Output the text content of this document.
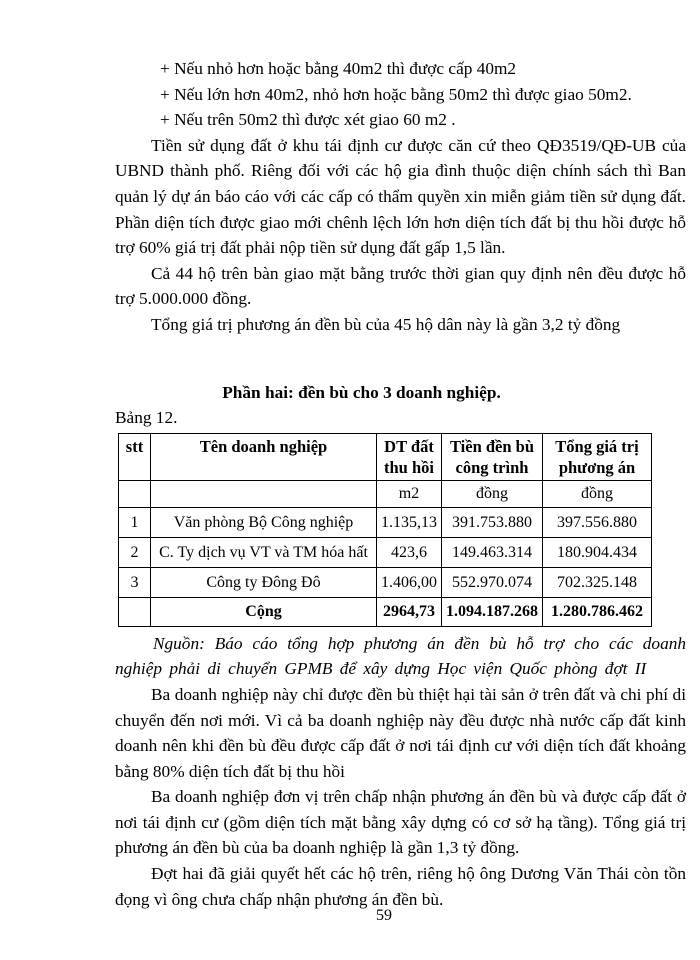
+ Nếu nhỏ hơn hoặc bằng 40m2 thì được cấp 40m2

+ Nếu lớn hơn 40m2, nhỏ hơn hoặc bằng 50m2 thì được giao 50m2.

+ Nếu trên 50m2 thì được xét giao 60 m2 .

Tiền sử dụng đất ở khu tái định cư được căn cứ theo QĐ3519/QĐ-UB của UBND thành phố. Riêng đối với các hộ gia đình thuộc diện chính sách thì Ban quản lý dự án báo cáo với các cấp có thẩm quyền xin miễn giảm tiền sử dụng đất. Phần diện tích được giao mới chênh lệch lớn hơn diện tích đất bị thu hồi được hỗ trợ 60% giá trị đất phải nộp tiền sử dụng đất gấp 1,5 lần.

Cả 44 hộ trên bàn giao mặt bằng trước thời gian quy định nên đều được hỗ trợ 5.000.000 đồng.

Tổng giá trị phương án đền bù của 45 hộ dân này là gần 3,2 tỷ đồng

Phần hai: đền bù cho 3 doanh nghiệp.

Bảng 12.

stt	Tên doanh nghiệp	DT đất thu hồi	Tiền đền bù công trình	Tổng giá trị phương án
		m2	đồng	đồng
1	Văn phòng Bộ Công nghiệp	1.135,13	391.753.880	397.556.880
2	C. Ty dịch vụ VT và TM hóa hất	423,6	149.463.314	180.904.434
3	Công ty Đông Đô	1.406,00	552.970.074	702.325.148
	Cộng	2964,73	1.094.187.268	1.280.786.462

Nguồn: Báo cáo tổng hợp phương án đền bù hỗ trợ cho các doanh nghiệp phải di chuyển GPMB để xây dựng Học viện Quốc phòng đợt II

Ba doanh nghiệp này chỉ được đền bù thiệt hại tài sản ở trên đất và chi phí di chuyển đến nơi mới. Vì cả ba doanh nghiệp này đều được nhà nước cấp đất kinh doanh nên khi đền bù đều được cấp đất ở nơi tái định cư với diện tích đất khoảng bằng 80% diện tích đất bị thu hồi

Ba doanh nghiệp đơn vị trên chấp nhận phương án đền bù và được cấp đất ở nơi tái định cư (gồm diện tích mặt bằng xây dựng có cơ sở hạ tầng). Tổng giá trị phương án đền bù của ba doanh nghiệp là gần 1,3 tỷ đồng.

Đợt hai đã giải quyết hết các hộ trên, riêng hộ ông Dương Văn Thái còn tồn đọng vì ông chưa chấp nhận phương án đền bù.

59
